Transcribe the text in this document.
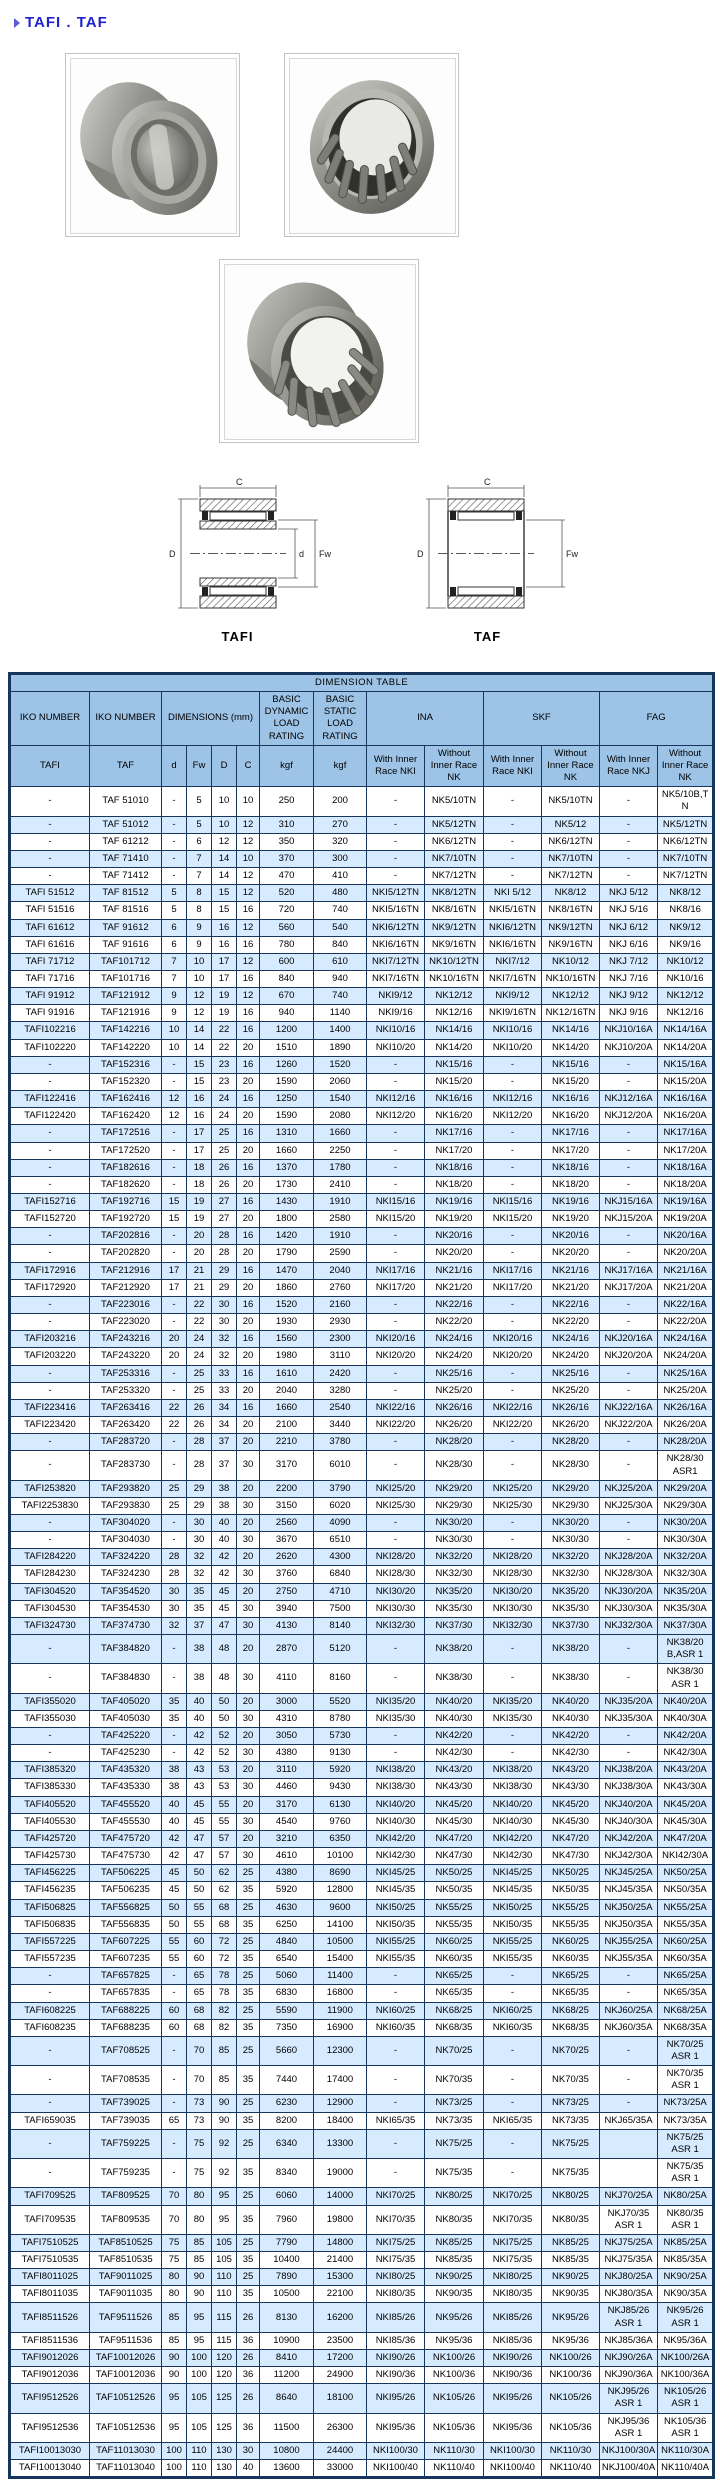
TAFI . TAF
C
D	d Fw
TAFI
C
D	Fw
TAF
DIMENSION TABLE													
IKO NUMBER	IKO NUMBER	DIMENSIONS (mm)				BASIC DYNAMIC LOAD RATING	BASIC STATIC LOAD RATING	INA		SKF		FAG	
TAFI	TAF	d	Fw	D	C	kgf	kgf	With Inner Race NKI	Without Inner Race NK	With Inner Race NKI	Without Inner Race NK	With Inner Race NKJ	Without Inner Race NK
-	TAF 51010	-	5	10	10	250	200	-	NK5/10TN	-	NK5/10TN	-	NK5/10B,TN
-	TAF 51012	-	5	10	12	310	270	-	NK5/12TN	-	NK5/12	-	NK5/12TN
-	TAF 61212	-	6	12	12	350	320	-	NK6/12TN	-	NK6/12TN	-	NK6/12TN
-	TAF 71410	-	7	14	10	370	300	-	NK7/10TN	-	NK7/10TN	-	NK7/10TN
-	TAF 71412	-	7	14	12	470	410	-	NK7/12TN	-	NK7/12TN	-	NK7/12TN
TAFI 51512	TAF 81512	5	8	15	12	520	480	NKI5/12TN	NK8/12TN	NKI 5/12	NK8/12	NKJ 5/12	NK8/12
TAFI 51516	TAF 81516	5	8	15	16	720	740	NKI5/16TN	NK8/16TN	NKI5/16TN	NK8/16TN	NKJ 5/16	NK8/16
TAFI 61612	TAF 91612	6	9	16	12	560	540	NKI6/12TN	NK9/12TN	NKI6/12TN	NK9/12TN	NKJ 6/12	NK9/12
TAFI 61616	TAF 91616	6	9	16	16	780	840	NKI6/16TN	NK9/16TN	NKI6/16TN	NK9/16TN	NKJ 6/16	NK9/16
TAFI 71712	TAF101712	7	10	17	12	600	610	NKI7/12TN	NK10/12TN	NKI7/12	NK10/12	NKJ 7/12	NK10/12
TAFI 71716	TAF101716	7	10	17	16	840	940	NKI7/16TN	NK10/16TN	NKI7/16TN	NK10/16TN	NKJ 7/16	NK10/16
TAFI 91912	TAF121912	9	12	19	12	670	740	NKI9/12	NK12/12	NKI9/12	NK12/12	NKJ 9/12	NK12/12
TAFI 91916	TAF121916	9	12	19	16	940	1140	NKI9/16	NK12/16	NKI9/16TN	NK12/16TN	NKJ 9/16	NK12/16
TAFI102216	TAF142216	10	14	22	16	1200	1400	NKI10/16	NK14/16	NKI10/16	NK14/16	NKJ10/16A	NK14/16A
TAFI102220	TAF142220	10	14	22	20	1510	1890	NKI10/20	NK14/20	NKI10/20	NK14/20	NKJ10/20A	NK14/20A
-	TAF152316	-	15	23	16	1260	1520	-	NK15/16	-	NK15/16	-	NK15/16A
-	TAF152320	-	15	23	20	1590	2060	-	NK15/20	-	NK15/20	-	NK15/20A
TAFI122416	TAF162416	12	16	24	16	1250	1540	NKI12/16	NK16/16	NKI12/16	NK16/16	NKJ12/16A	NK16/16A
TAFI122420	TAF162420	12	16	24	20	1590	2080	NKI12/20	NK16/20	NKI12/20	NK16/20	NKJ12/20A	NK16/20A
-	TAF172516	-	17	25	16	1310	1660	-	NK17/16	-	NK17/16	-	NK17/16A
-	TAF172520	-	17	25	20	1660	2250	-	NK17/20	-	NK17/20	-	NK17/20A
-	TAF182616	-	18	26	16	1370	1780	-	NK18/16	-	NK18/16	-	NK18/16A
-	TAF182620	-	18	26	20	1730	2410	-	NK18/20	-	NK18/20	-	NK18/20A
TAFI152716	TAF192716	15	19	27	16	1430	1910	NKI15/16	NK19/16	NKI15/16	NK19/16	NKJ15/16A	NK19/16A
TAFI152720	TAF192720	15	19	27	20	1800	2580	NKI15/20	NK19/20	NKI15/20	NK19/20	NKJ15/20A	NK19/20A
-	TAF202816	-	20	28	16	1420	1910	-	NK20/16	-	NK20/16	-	NK20/16A
-	TAF202820	-	20	28	20	1790	2590	-	NK20/20	-	NK20/20	-	NK20/20A
TAFI172916	TAF212916	17	21	29	16	1470	2040	NKI17/16	NK21/16	NKI17/16	NK21/16	NKJ17/16A	NK21/16A
TAFI172920	TAF212920	17	21	29	20	1860	2760	NKI17/20	NK21/20	NKI17/20	NK21/20	NKJ17/20A	NK21/20A
-	TAF223016	-	22	30	16	1520	2160	-	NK22/16	-	NK22/16	-	NK22/16A
-	TAF223020	-	22	30	20	1930	2930	-	NK22/20	-	NK22/20	-	NK22/20A
TAFI203216	TAF243216	20	24	32	16	1560	2300	NKI20/16	NK24/16	NKI20/16	NK24/16	NKJ20/16A	NK24/16A
TAFI203220	TAF243220	20	24	32	20	1980	3110	NKI20/20	NK24/20	NKI20/20	NK24/20	NKJ20/20A	NK24/20A
-	TAF253316	-	25	33	16	1610	2420	-	NK25/16	-	NK25/16	-	NK25/16A
-	TAF253320	-	25	33	20	2040	3280	-	NK25/20	-	NK25/20	-	NK25/20A
TAFI223416	TAF263416	22	26	34	16	1660	2540	NKI22/16	NK26/16	NKI22/16	NK26/16	NKJ22/16A	NK26/16A
TAFI223420	TAF263420	22	26	34	20	2100	3440	NKI22/20	NK26/20	NKI22/20	NK26/20	NKJ22/20A	NK26/20A
-	TAF283720	-	28	37	20	2210	3780	-	NK28/20	-	NK28/20	-	NK28/20A
-	TAF283730	-	28	37	30	3170	6010	-	NK28/30	-	NK28/30	-	NK28/30 ASR1
TAFI253820	TAF293820	25	29	38	20	2200	3790	NKI25/20	NK29/20	NKI25/20	NK29/20	NKJ25/20A	NK29/20A
TAFI2253830	TAF293830	25	29	38	30	3150	6020	NKI25/30	NK29/30	NKI25/30	NK29/30	NKJ25/30A	NK29/30A
-	TAF304020	-	30	40	20	2560	4090	-	NK30/20	-	NK30/20	-	NK30/20A
-	TAF304030	-	30	40	30	3670	6510	-	NK30/30	-	NK30/30	-	NK30/30A
TAFI284220	TAF324220	28	32	42	20	2620	4300	NKI28/20	NK32/20	NKI28/20	NK32/20	NKJ28/20A	NK32/20A
TAFI284230	TAF324230	28	32	42	30	3760	6840	NKI28/30	NK32/30	NKI28/30	NK32/30	NKJ28/30A	NK32/30A
TAFI304520	TAF354520	30	35	45	20	2750	4710	NKI30/20	NK35/20	NKI30/20	NK35/20	NKJ30/20A	NK35/20A
TAFI304530	TAF354530	30	35	45	30	3940	7500	NKI30/30	NK35/30	NKI30/30	NK35/30	NKJ30/30A	NK35/30A
TAFI324730	TAF374730	32	37	47	30	4130	8140	NKI32/30	NK37/30	NKI32/30	NK37/30	NKJ32/30A	NK37/30A
-	TAF384820	-	38	48	20	2870	5120	-	NK38/20	-	NK38/20	-	NK38/20 B,ASR 1
-	TAF384830	-	38	48	30	4110	8160	-	NK38/30	-	NK38/30	-	NK38/30 ASR 1
TAFI355020	TAF405020	35	40	50	20	3000	5520	NKI35/20	NK40/20	NKI35/20	NK40/20	NKJ35/20A	NK40/20A
TAFI355030	TAF405030	35	40	50	30	4310	8780	NKI35/30	NK40/30	NKI35/30	NK40/30	NKJ35/30A	NK40/30A
-	TAF425220	-	42	52	20	3050	5730	-	NK42/20	-	NK42/20	-	NK42/20A
-	TAF425230	-	42	52	30	4380	9130	-	NK42/30	-	NK42/30	-	NK42/30A
TAFI385320	TAF435320	38	43	53	20	3110	5920	NKI38/20	NK43/20	NKI38/20	NK43/20	NKJ38/20A	NK43/20A
TAFI385330	TAF435330	38	43	53	30	4460	9430	NKI38/30	NK43/30	NKI38/30	NK43/30	NKJ38/30A	NK43/30A
TAFI405520	TAF455520	40	45	55	20	3170	6130	NKI40/20	NK45/20	NKI40/20	NK45/20	NKJ40/20A	NK45/20A
TAFI405530	TAF455530	40	45	55	30	4540	9760	NKI40/30	NK45/30	NKI40/30	NK45/30	NKJ40/30A	NK45/30A
TAFI425720	TAF475720	42	47	57	20	3210	6350	NKI42/20	NK47/20	NKI42/20	NK47/20	NKJ42/20A	NK47/20A
TAFI425730	TAF475730	42	47	57	30	4610	10100	NKI42/30	NK47/30	NKI42/30	NK47/30	NKJ42/30A	NKI42/30A
TAFI456225	TAF506225	45	50	62	25	4380	8690	NKI45/25	NK50/25	NKI45/25	NK50/25	NKJ45/25A	NK50/25A
TAFI456235	TAF506235	45	50	62	35	5920	12800	NKI45/35	NK50/35	NKI45/35	NK50/35	NKJ45/35A	NK50/35A
TAFI506825	TAF556825	50	55	68	25	4630	9600	NKI50/25	NK55/25	NKI50/25	NK55/25	NKJ50/25A	NK55/25A
TAFI506835	TAF556835	50	55	68	35	6250	14100	NKI50/35	NK55/35	NKI50/35	NK55/35	NKJ50/35A	NK55/35A
TAFI557225	TAF607225	55	60	72	25	4840	10500	NKI55/25	NK60/25	NKI55/25	NK60/25	NKJ55/25A	NK60/25A
TAFI557235	TAF607235	55	60	72	35	6540	15400	NKI55/35	NK60/35	NKI55/35	NK60/35	NKJ55/35A	NK60/35A
-	TAF657825	-	65	78	25	5060	11400	-	NK65/25	-	NK65/25	-	NK65/25A
-	TAF657835	-	65	78	35	6830	16800	-	NK65/35	-	NK65/35	-	NK65/35A
TAFI608225	TAF688225	60	68	82	25	5590	11900	NKI60/25	NK68/25	NKI60/25	NK68/25	NKJ60/25A	NK68/25A
TAFI608235	TAF688235	60	68	82	35	7350	16900	NKI60/35	NK68/35	NKI60/35	NK68/35	NKJ60/35A	NK68/35A
-	TAF708525	-	70	85	25	5660	12300	-	NK70/25	-	NK70/25	-	NK70/25 ASR 1
-	TAF708535	-	70	85	35	7440	17400	-	NK70/35	-	NK70/35	-	NK70/35 ASR 1
-	TAF739025	-	73	90	25	6230	12900	-	NK73/25	-	NK73/25	-	NK73/25A
TAFI659035	TAF739035	65	73	90	35	8200	18400	NKI65/35	NK73/35	NKI65/35	NK73/35	NKJ65/35A	NK73/35A
-	TAF759225	-	75	92	25	6340	13300	-	NK75/25	-	NK75/25		NK75/25 ASR 1
-	TAF759235	-	75	92	35	8340	19000	-	NK75/35	-	NK75/35		NK75/35 ASR 1
TAFI709525	TAF809525	70	80	95	25	6060	14000	NKI70/25	NK80/25	NKI70/25	NK80/25	NKJ70/25A	NK80/25A
TAFI709535	TAF809535	70	80	95	35	7960	19800	NKI70/35	NK80/35	NKI70/35	NK80/35	NKJ70/35 ASR 1	NK80/35 ASR 1
TAFI7510525	TAF8510525	75	85	105	25	7790	14800	NKI75/25	NK85/25	NKI75/25	NK85/25	NKJ75/25A	NK85/25A
TAFI7510535	TAF8510535	75	85	105	35	10400	21400	NKI75/35	NK85/35	NKI75/35	NK85/35	NKJ75/35A	NK85/35A
TAFI8011025	TAF9011025	80	90	110	25	7890	15300	NKI80/25	NK90/25	NKI80/25	NK90/25	NKJ80/25A	NK90/25A
TAFI8011035	TAF9011035	80	90	110	35	10500	22100	NKI80/35	NK90/35	NKI80/35	NK90/35	NKJ80/35A	NK90/35A
TAFI8511526	TAF9511526	85	95	115	26	8130	16200	NKI85/26	NK95/26	NKI85/26	NK95/26	NKJ85/26 ASR 1	NK95/26 ASR 1
TAFI8511536	TAF9511536	85	95	115	36	10900	23500	NKI85/36	NK95/36	NKI85/36	NK95/36	NKJ85/36A	NK95/36A
TAFI9012026	TAF10012026	90	100	120	26	8410	17200	NKI90/26	NK100/26	NKI90/26	NK100/26	NKJ90/26A	NK100/26A
TAFI9012036	TAF10012036	90	100	120	36	11200	24900	NKI90/36	NK100/36	NKI90/36	NK100/36	NKJ90/36A	NK100/36A
TAFI9512526	TAF10512526	95	105	125	26	8640	18100	NKI95/26	NK105/26	NKI95/26	NK105/26	NKJ95/26 ASR 1	NK105/26 ASR 1
TAFI9512536	TAF10512536	95	105	125	36	11500	26300	NKI95/36	NK105/36	NKI95/36	NK105/36	NKJ95/36 ASR 1	NK105/36 ASR 1
TAFI10013030	TAF11013030	100	110	130	30	10800	24400	NKI100/30	NK110/30	NKI100/30	NK110/30	NKJ100/30A	NK110/30A
TAFI10013040	TAF11013040	100	110	130	40	13600	33000	NKI100/40	NK110/40	NKI100/40	NK110/40	NKJ100/40A	NK110/40A
